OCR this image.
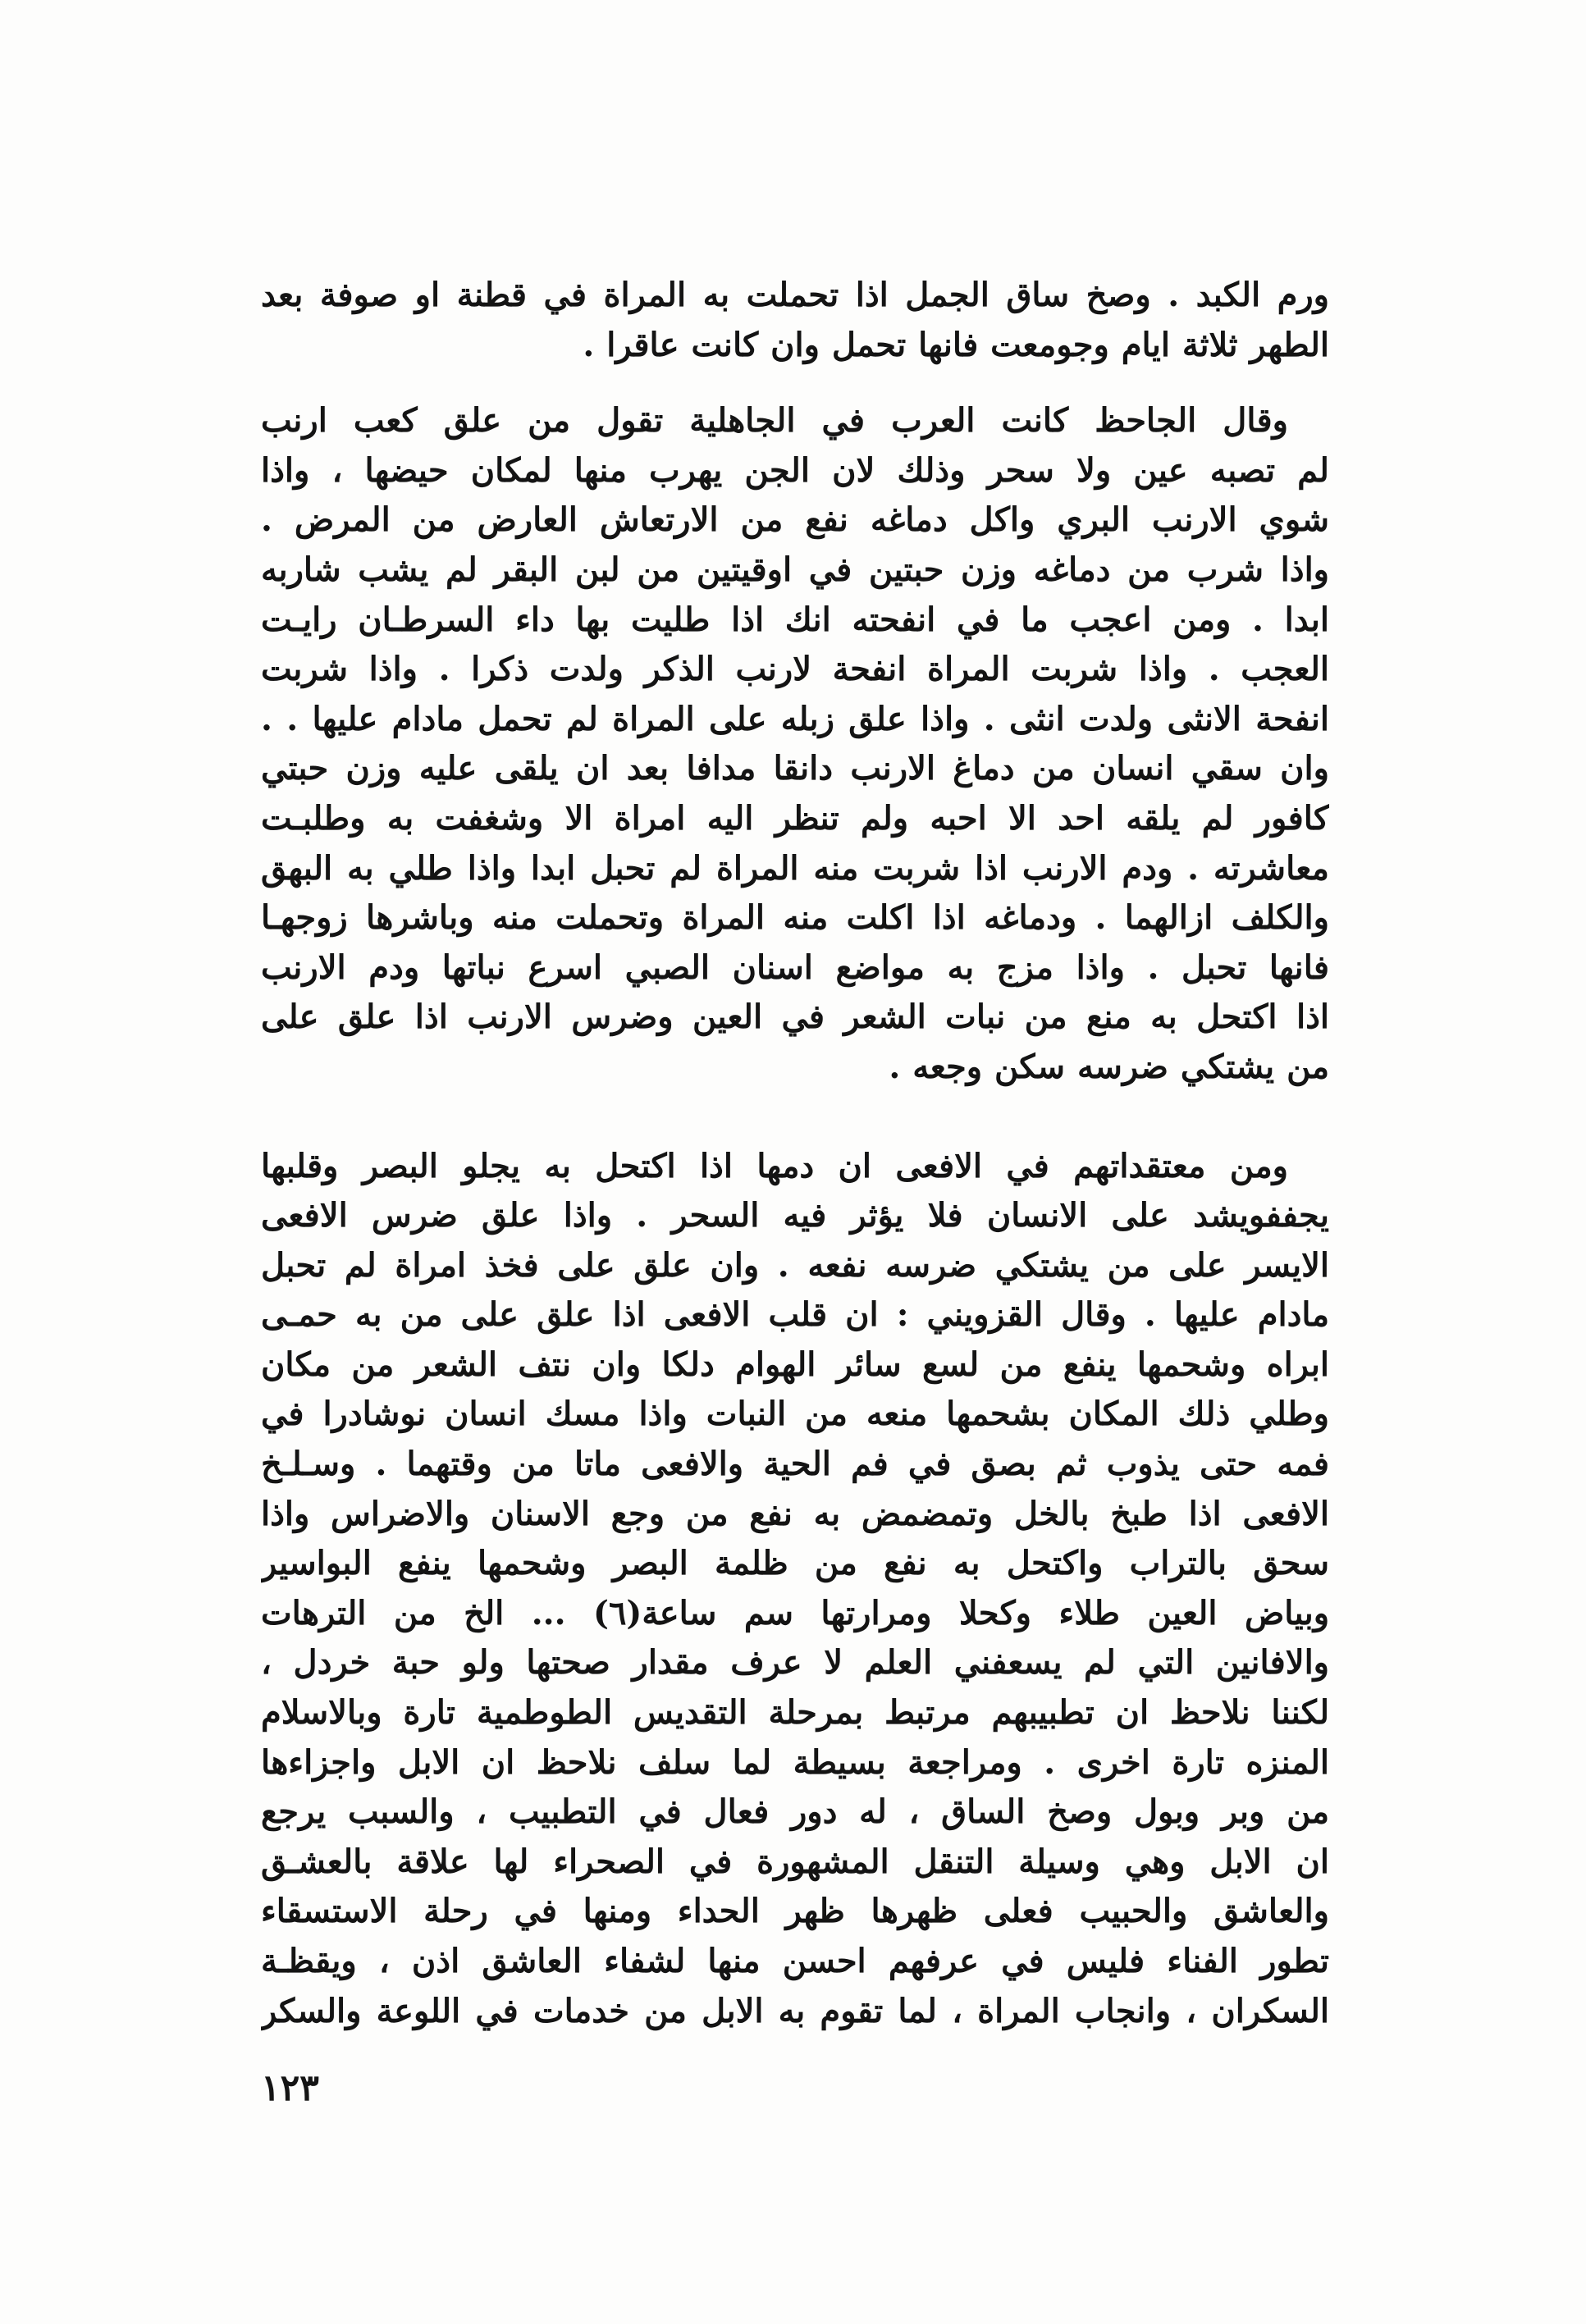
ورم الكبد . وصخ ساق الجمل اذا تحملت به المراة في قطنة او صوفة بعد
الطهر ثلاثة ايام وجومعت فانها تحمل وان كانت عاقرا .
وقال الجاحظ كانت العرب في الجاهلية تقول من علق كعب ارنب
لم تصبه عين ولا سحر وذلك لان الجن يهرب منها لمكان حيضها ، واذا
شوي الارنب البري واكل دماغه نفع من الارتعاش العارض من المرض .
واذا شرب من دماغه وزن حبتين في اوقيتين من لبن البقر لم يشب شاربه
ابدا . ومن اعجب ما في انفحته انك اذا طليت بها داء السرطـان رايـت
العجب . واذا شربت المراة انفحة لارنب الذكر ولدت ذكرا . واذا شربت
انفحة الانثى ولدت انثى . واذا علق زبله على المراة لم تحمل مادام عليها . .
وان سقي انسان من دماغ الارنب دانقا مدافا بعد ان يلقى عليه وزن حبتي
كافور لم يلقه احد الا احبه ولم تنظر اليه امراة الا وشغفت به وطلبـت
معاشرته . ودم الارنب اذا شربت منه المراة لم تحبل ابدا واذا طلي به البهق
والكلف ازالهما . ودماغه اذا اكلت منه المراة وتحملت منه وباشرها زوجهـا
فانها تحبل . واذا مزج به مواضع اسنان الصبي اسرع نباتها ودم الارنب
اذا اكتحل به منع من نبات الشعر في العين وضرس الارنب اذا علق على
من يشتكي ضرسه سكن وجعه .
ومن معتقداتهم في الافعى ان دمها اذا اكتحل به يجلو البصر وقلبها
يجففويشد على الانسان فلا يؤثر فيه السحر . واذا علق ضرس الافعى
الايسر على من يشتكي ضرسه نفعه . وان علق على فخذ امراة لم تحبل
مادام عليها . وقال القزويني : ان قلب الافعى اذا علق على من به حمـى
ابراه وشحمها ينفع من لسع سائر الهوام دلكا وان نتف الشعر من مكان
وطلي ذلك المكان بشحمها منعه من النبات واذا مسك انسان نوشادرا في
فمه حتى يذوب ثم بصق في فم الحية والافعى ماتا من وقتهما . وسـلـخ
الافعى اذا طبخ بالخل وتمضمض به نفع من وجع الاسنان والاضراس واذا
سحق بالتراب واكتحل به نفع من ظلمة البصر وشحمها ينفع البواسير
وبياض العين طلاء وكحلا ومرارتها سم ساعة(٦) ... الخ من الترهات
والافانين التي لم يسعفني العلم لا عرف مقدار صحتها ولو حبة خردل ،
لكننا نلاحظ ان تطبيبهم مرتبط بمرحلة التقديس الطوطمية تارة وبالاسلام
المنزه تارة اخرى . ومراجعة بسيطة لما سلف نلاحظ ان الابل واجزاءها
من وبر وبول وصخ الساق ، له دور فعال في التطبيب ، والسبب يرجع
ان الابل وهي وسيلة التنقل المشهورة في الصحراء لها علاقة بالعشـق
والعاشق والحبيب فعلى ظهرها ظهر الحداء ومنها في رحلة الاستسقاء
تطور الفناء فليس في عرفهم احسن منها لشفاء العاشق اذن ، ويقظـة
السكران ، وانجاب المراة ، لما تقوم به الابل من خدمات في اللوعة والسكر
١٢٣
